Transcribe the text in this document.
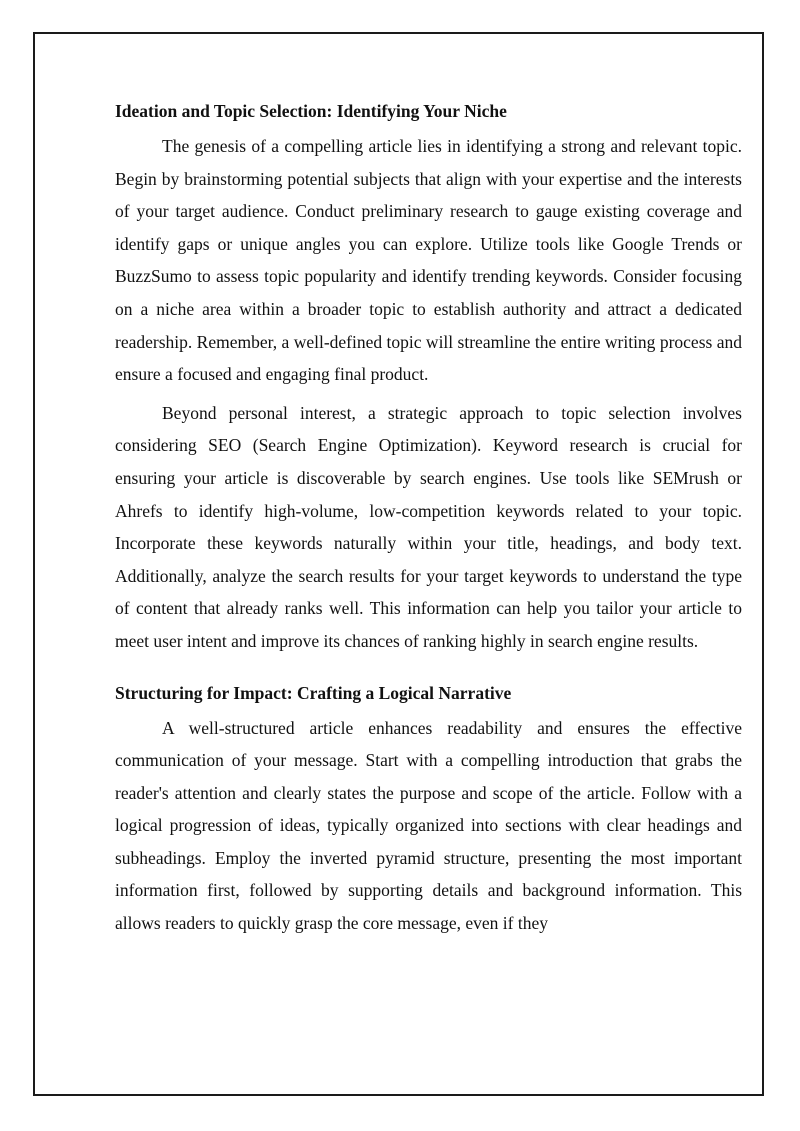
Ideation and Topic Selection: Identifying Your Niche

The genesis of a compelling article lies in identifying a strong and relevant topic. Begin by brainstorming potential subjects that align with your expertise and the interests of your target audience. Conduct preliminary research to gauge existing coverage and identify gaps or unique angles you can explore. Utilize tools like Google Trends or BuzzSumo to assess topic popularity and identify trending keywords. Consider focusing on a niche area within a broader topic to establish authority and attract a dedicated readership. Remember, a well-defined topic will streamline the entire writing process and ensure a focused and engaging final product.

Beyond personal interest, a strategic approach to topic selection involves considering SEO (Search Engine Optimization). Keyword research is crucial for ensuring your article is discoverable by search engines. Use tools like SEMrush or Ahrefs to identify high-volume, low-competition keywords related to your topic. Incorporate these keywords naturally within your title, headings, and body text. Additionally, analyze the search results for your target keywords to understand the type of content that already ranks well. This information can help you tailor your article to meet user intent and improve its chances of ranking highly in search engine results.

Structuring for Impact: Crafting a Logical Narrative

A well-structured article enhances readability and ensures the effective communication of your message. Start with a compelling introduction that grabs the reader's attention and clearly states the purpose and scope of the article. Follow with a logical progression of ideas, typically organized into sections with clear headings and subheadings. Employ the inverted pyramid structure, presenting the most important information first, followed by supporting details and background information. This allows readers to quickly grasp the core message, even if they
